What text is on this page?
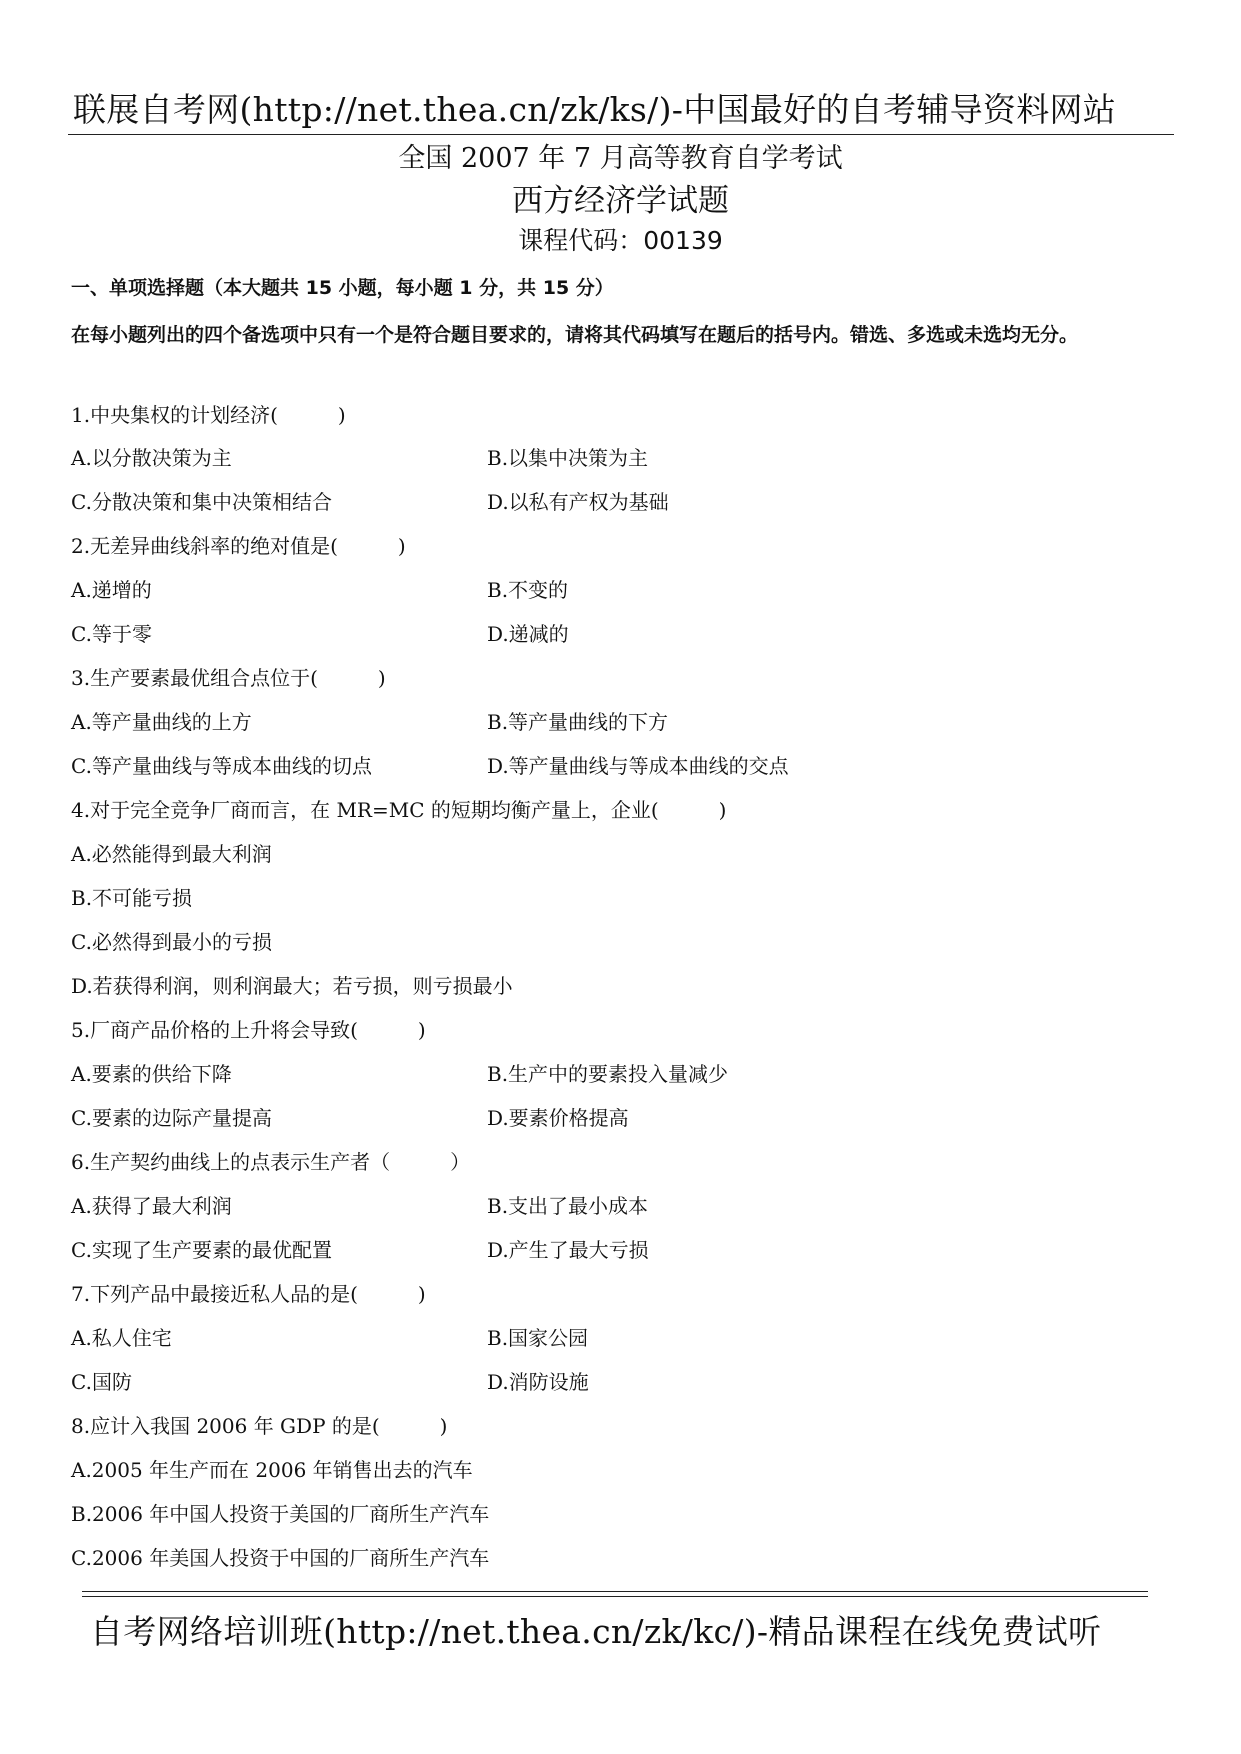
联展自考网(http://net.thea.cn/zk/ks/)-中国最好的自考辅导资料网站
全国 2007 年 7 月高等教育自学考试
西方经济学试题
课程代码：00139
一、单项选择题（本大题共 15 小题，每小题 1 分，共 15 分）
在每小题列出的四个备选项中只有一个是符合题目要求的，请将其代码填写在题后的括号内。错选、多选或未选均无分。
1.中央集权的计划经济(　　　)
A.以分散决策为主	B.以集中决策为主
C.分散决策和集中决策相结合	D.以私有产权为基础
2.无差异曲线斜率的绝对值是(　　　)
A.递增的	B.不变的
C.等于零	D.递减的
3.生产要素最优组合点位于(　　　)
A.等产量曲线的上方	B.等产量曲线的下方
C.等产量曲线与等成本曲线的切点	D.等产量曲线与等成本曲线的交点
4.对于完全竞争厂商而言，在 MR=MC 的短期均衡产量上，企业(　　　)
A.必然能得到最大利润
B.不可能亏损
C.必然得到最小的亏损
D.若获得利润，则利润最大；若亏损，则亏损最小
5.厂商产品价格的上升将会导致(　　　)
A.要素的供给下降	B.生产中的要素投入量减少
C.要素的边际产量提高	D.要素价格提高
6.生产契约曲线上的点表示生产者（　　　）
A.获得了最大利润	B.支出了最小成本
C.实现了生产要素的最优配置	D.产生了最大亏损
7.下列产品中最接近私人品的是(　　　)
A.私人住宅	B.国家公园
C.国防	D.消防设施
8.应计入我国 2006 年 GDP 的是(　　　)
A.2005 年生产而在 2006 年销售出去的汽车
B.2006 年中国人投资于美国的厂商所生产汽车
C.2006 年美国人投资于中国的厂商所生产汽车
自考网络培训班(http://net.thea.cn/zk/kc/)-精品课程在线免费试听
